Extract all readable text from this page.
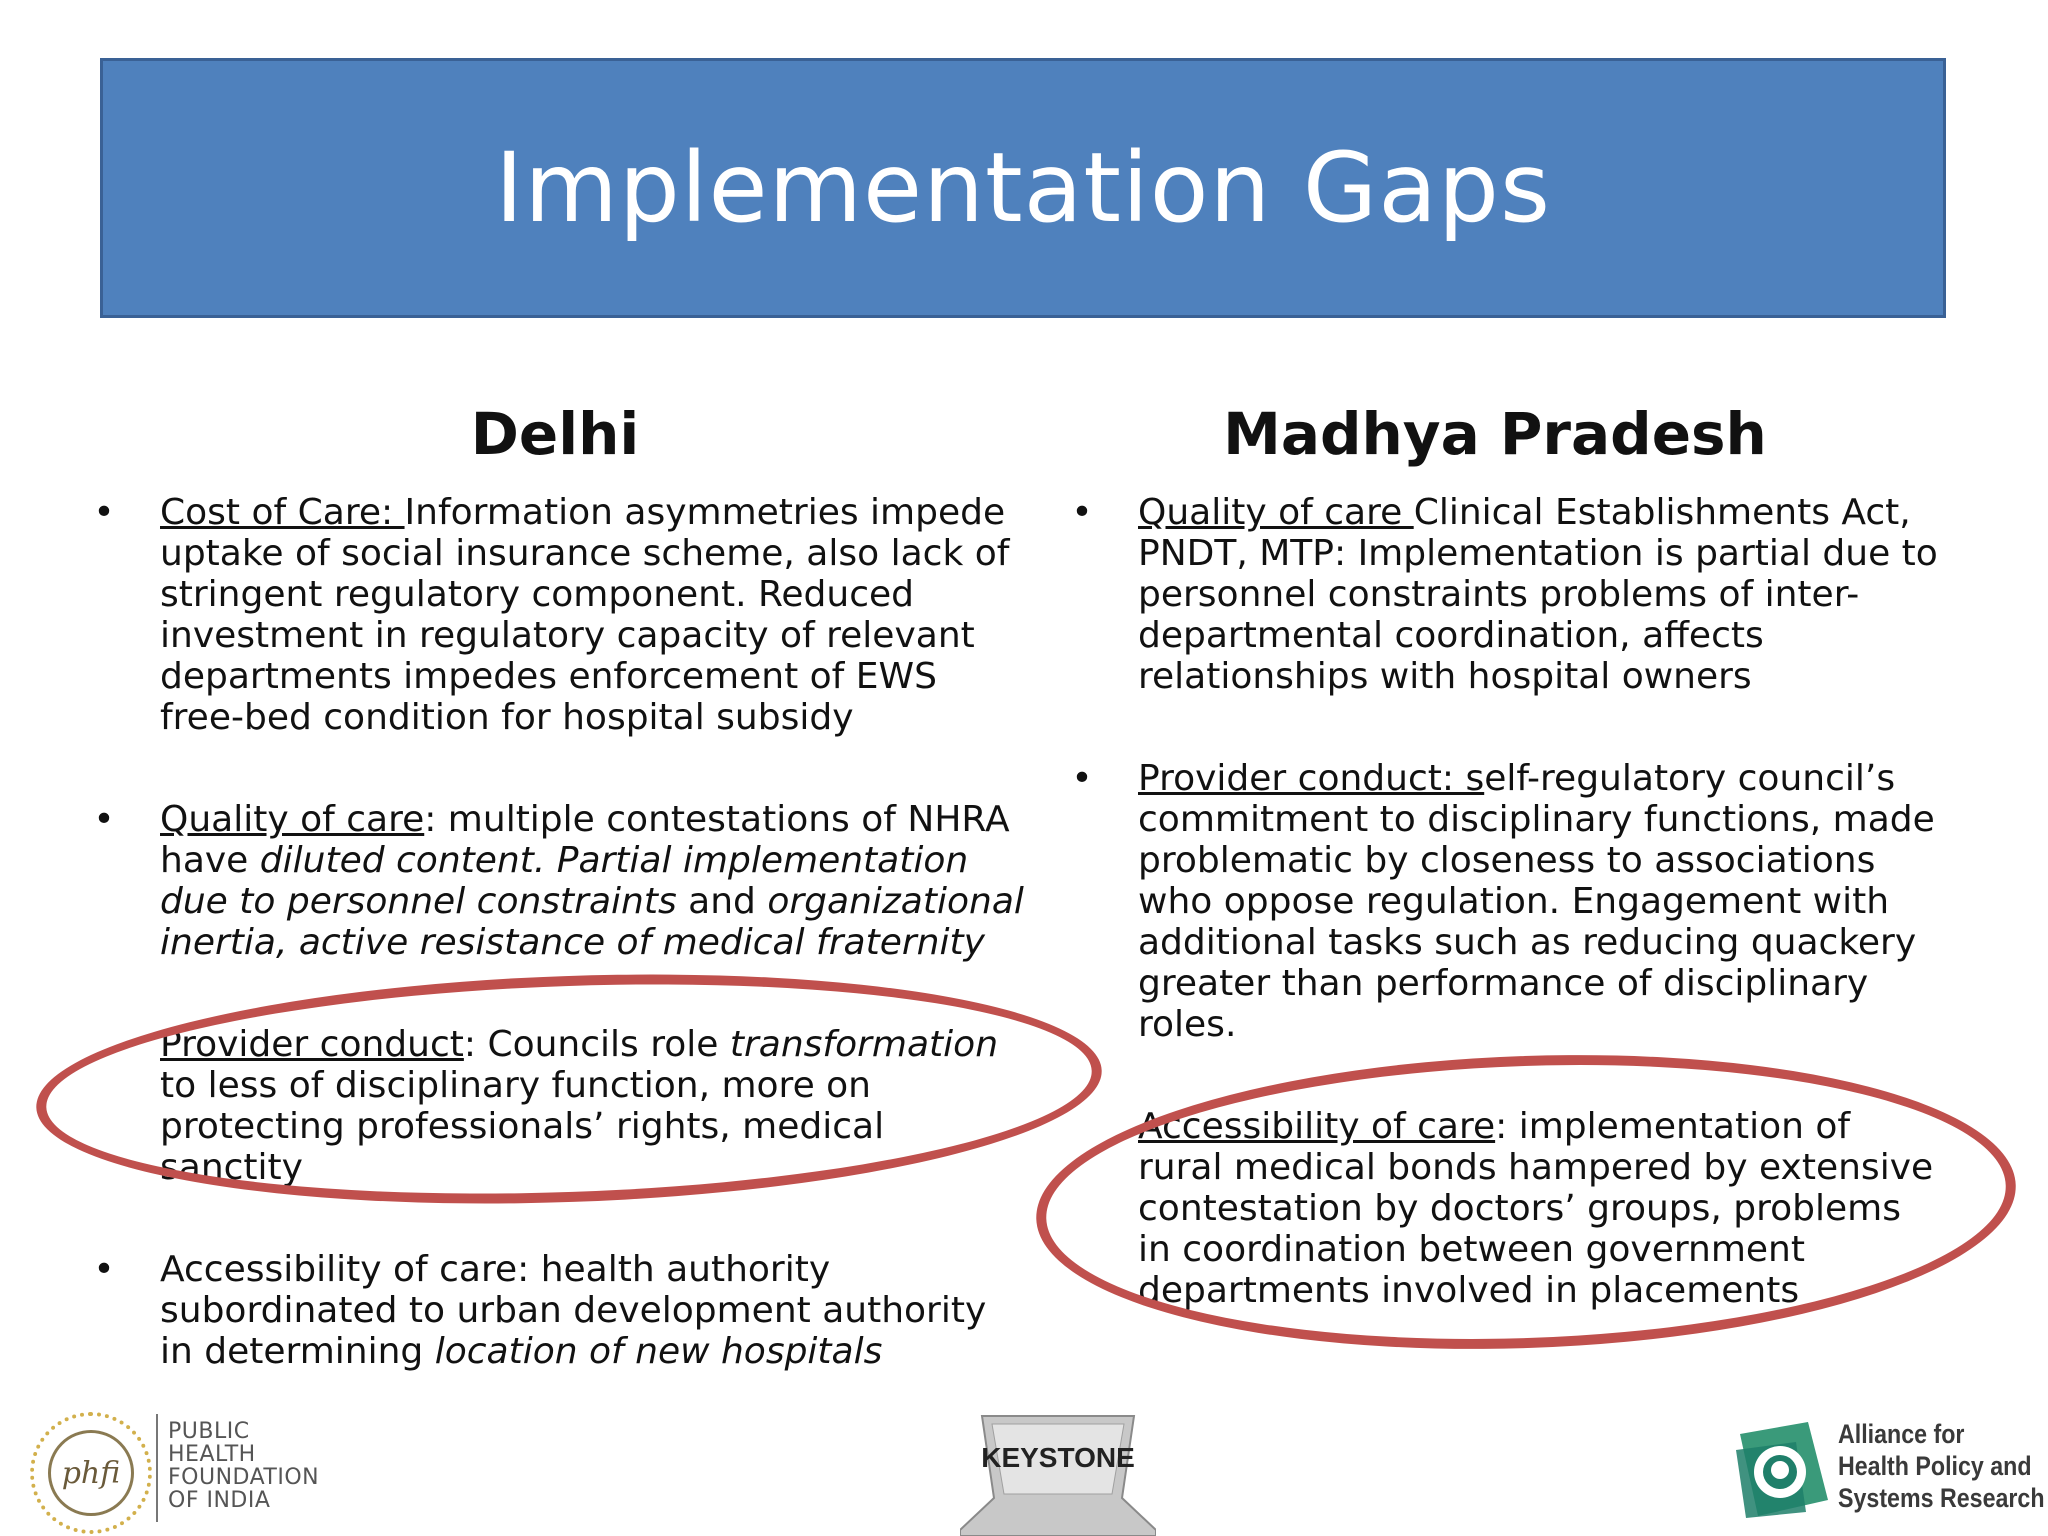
Implementation Gaps
Delhi	Madhya Pradesh
• Cost of Care: Information asymmetries impede uptake of social insurance scheme, also lack of stringent regulatory component. Reduced investment in regulatory capacity of relevant departments impedes enforcement of EWS free-bed condition for hospital subsidy
• Quality of care: multiple contestations of NHRA have diluted content. Partial implementation due to personnel constraints and organizational inertia, active resistance of medical fraternity
Provider conduct: Councils role transformation to less of disciplinary function, more on protecting professionals’ rights, medical sanctity
• Accessibility of care: health authority subordinated to urban development authority in determining location of new hospitals
• Quality of care Clinical Establishments Act, PNDT, MTP: Implementation is partial due to personnel constraints problems of inter-departmental coordination, affects relationships with hospital owners
• Provider conduct: self-regulatory council’s commitment to disciplinary functions, made problematic by closeness to associations who oppose regulation. Engagement with additional tasks such as reducing quackery greater than performance of disciplinary roles.
Accessibility of care: implementation of rural medical bonds hampered by extensive contestation by doctors’ groups, problems in coordination between government departments involved in placements
phfi
PUBLIC
HEALTH
FOUNDATION
OF INDIA
KEYSTONE
Alliance for
Health Policy and
Systems Research
